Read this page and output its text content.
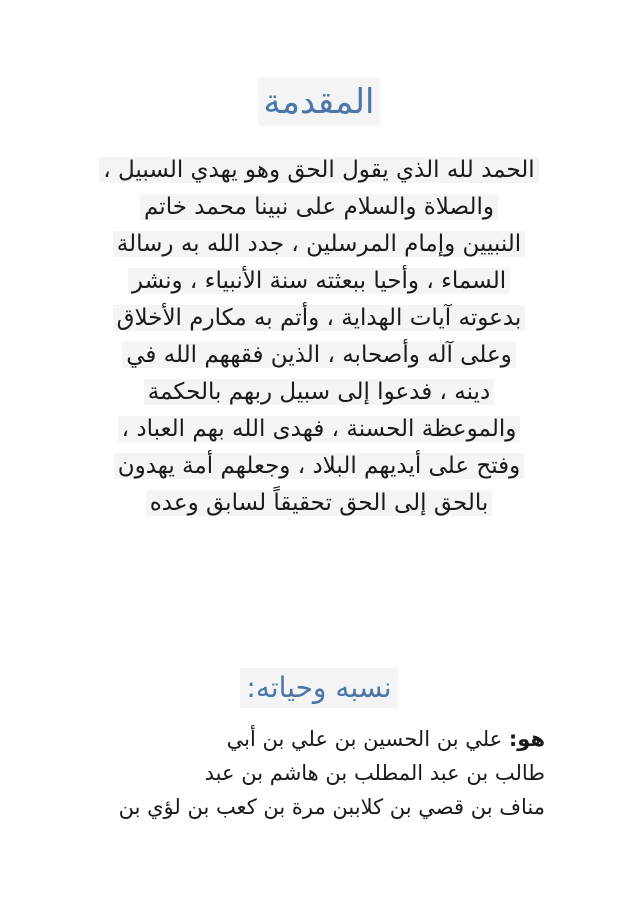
المقدمة
الحمد لله الذي يقول الحق وهو يهدي السبيل ،
والصلاة والسلام على نبينا محمد خاتم
النبيين وإمام المرسلين ، جدد الله به رسالة
السماء ، وأحيا ببعثته سنة الأنبياء ، ونشر
بدعوته آيات الهداية ، وأتم به مكارم الأخلاق
وعلى آله وأصحابه ، الذين فقههم الله في
دينه ، فدعوا إلى سبيل ربهم بالحكمة
والموعظة الحسنة ، فهدى الله بهم العباد ،
وفتح على أيديهم البلاد ، وجعلهم أمة يهدون
بالحق إلى الحق تحقيقاً لسابق وعده
نسبه وحياته:
هو: علي بن الحسين بن علي بن أبي
طالب بن عبد المطلب بن هاشم بن عبد
مناف بن قصي بن كلاببن مرة بن كعب بن لؤي بن
